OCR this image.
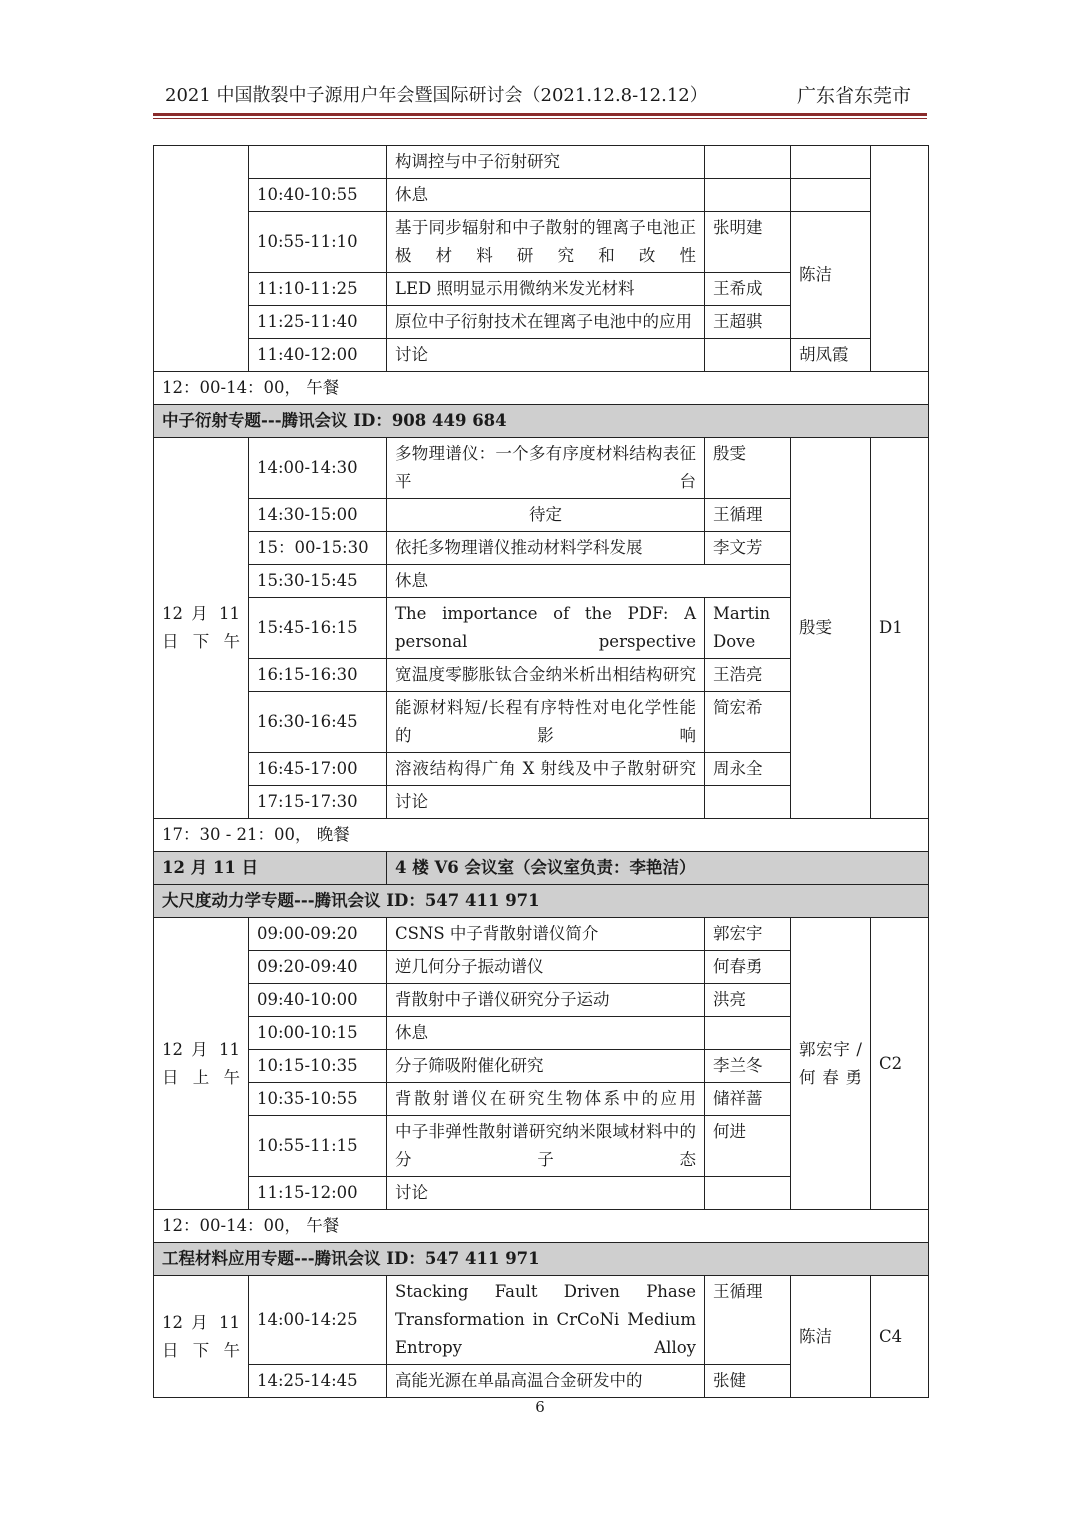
2021 中国散裂中子源用户年会暨国际研讨会（2021.12.8-12.12）	广东省东莞市
		构调控与中子衍射研究			
	10:40-10:55	休息			
	10:55-11:10	基于同步辐射和中子散射的锂离子电池正极材料研究和改性	张明建	陈洁	
	11:10-11:25	LED 照明显示用微纳米发光材料	王希成		
	11:25-11:40	原位中子衍射技术在锂离子电池中的应用	王超骐		
	11:40-12:00	讨论		胡凤霞	
12：00-14：00， 午餐					
中子衍射专题---腾讯会议 ID：908 449 684					
12 月 11 日下午	14:00-14:30	多物理谱仪：一个多有序度材料结构表征平台	殷雯	殷雯	D1
	14:30-15:00	待定	王循理		
	15：00-15:30	依托多物理谱仪推动材料学科发展	李文芳		
	15:30-15:45	休息			
	15:45-16:15	The importance of the PDF: A personal perspective	Martin Dove		
	16:15-16:30	宽温度零膨胀钛合金纳米析出相结构研究	王浩亮		
	16:30-16:45	能源材料短/长程有序特性对电化学性能的影响	简宏希		
	16:45-17:00	溶液结构得广角 X 射线及中子散射研究	周永全		
	17:15-17:30	讨论			
17：30 - 21：00， 晚餐					
12 月 11 日		4 楼 V6 会议室（会议室负责：李艳洁）			
大尺度动力学专题---腾讯会议 ID：547 411 971					
12 月 11 日上午	09:00-09:20	CSNS 中子背散射谱仪简介	郭宏宇	郭宏宇 / 何春勇	C2
	09:20-09:40	逆几何分子振动谱仪	何春勇		
	09:40-10:00	背散射中子谱仪研究分子运动	洪亮		
	10:00-10:15	休息			
	10:15-10:35	分子筛吸附催化研究	李兰冬		
	10:35-10:55	背散射谱仪在研究生物体系中的应用	储祥蔷		
	10:55-11:15	中子非弹性散射谱研究纳米限域材料中的分子态	何进		
	11:15-12:00	讨论			
12：00-14：00， 午餐					
工程材料应用专题---腾讯会议 ID：547 411 971					
12 月 11 日下午	14:00-14:25	Stacking Fault Driven Phase Transformation in CrCoNi Medium Entropy Alloy	王循理	陈洁	C4
	14:25-14:45	高能光源在单晶高温合金研发中的	张健		
6
